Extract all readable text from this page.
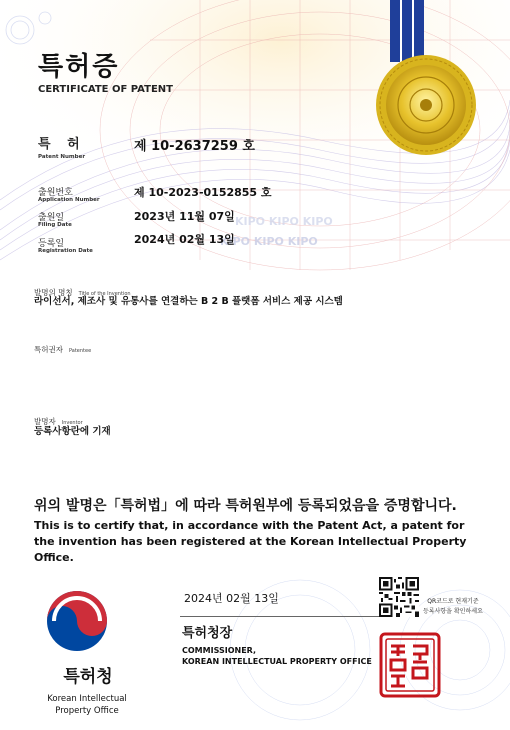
KIPO KIPO KIPO
KIPO KIPO KIPO
특허증
CERTIFICATE OF PATENT
특 허
Patent Number
제 10-2637259 호
출원번호
Application Number
제 10-2023-0152855 호
출원일
Filing Date
2023년 11월 07일
등록일
Registration Date
2024년 02월 13일
발명의 명칭 Title of the Invention
라이선서, 제조사 및 유통사를 연결하는 B 2 B 플랫폼 서비스 제공 시스템
특허권자 Patentee
발명자 Inventor
등록사항란에 기재
위의 발명은「특허법」에 따라 특허원부에 등록되었음을 증명합니다.
This is to certify that, in accordance with the Patent Act, a patent for the invention has been registered at the Korean Intellectual Property Office.
2024년 02월 13일
특허청장
COMMISSIONER,
KOREAN INTELLECTUAL PROPERTY OFFICE
특허청
Korean Intellectual
Property Office
QR코드로 현재기준
등록사항을 확인하세요
